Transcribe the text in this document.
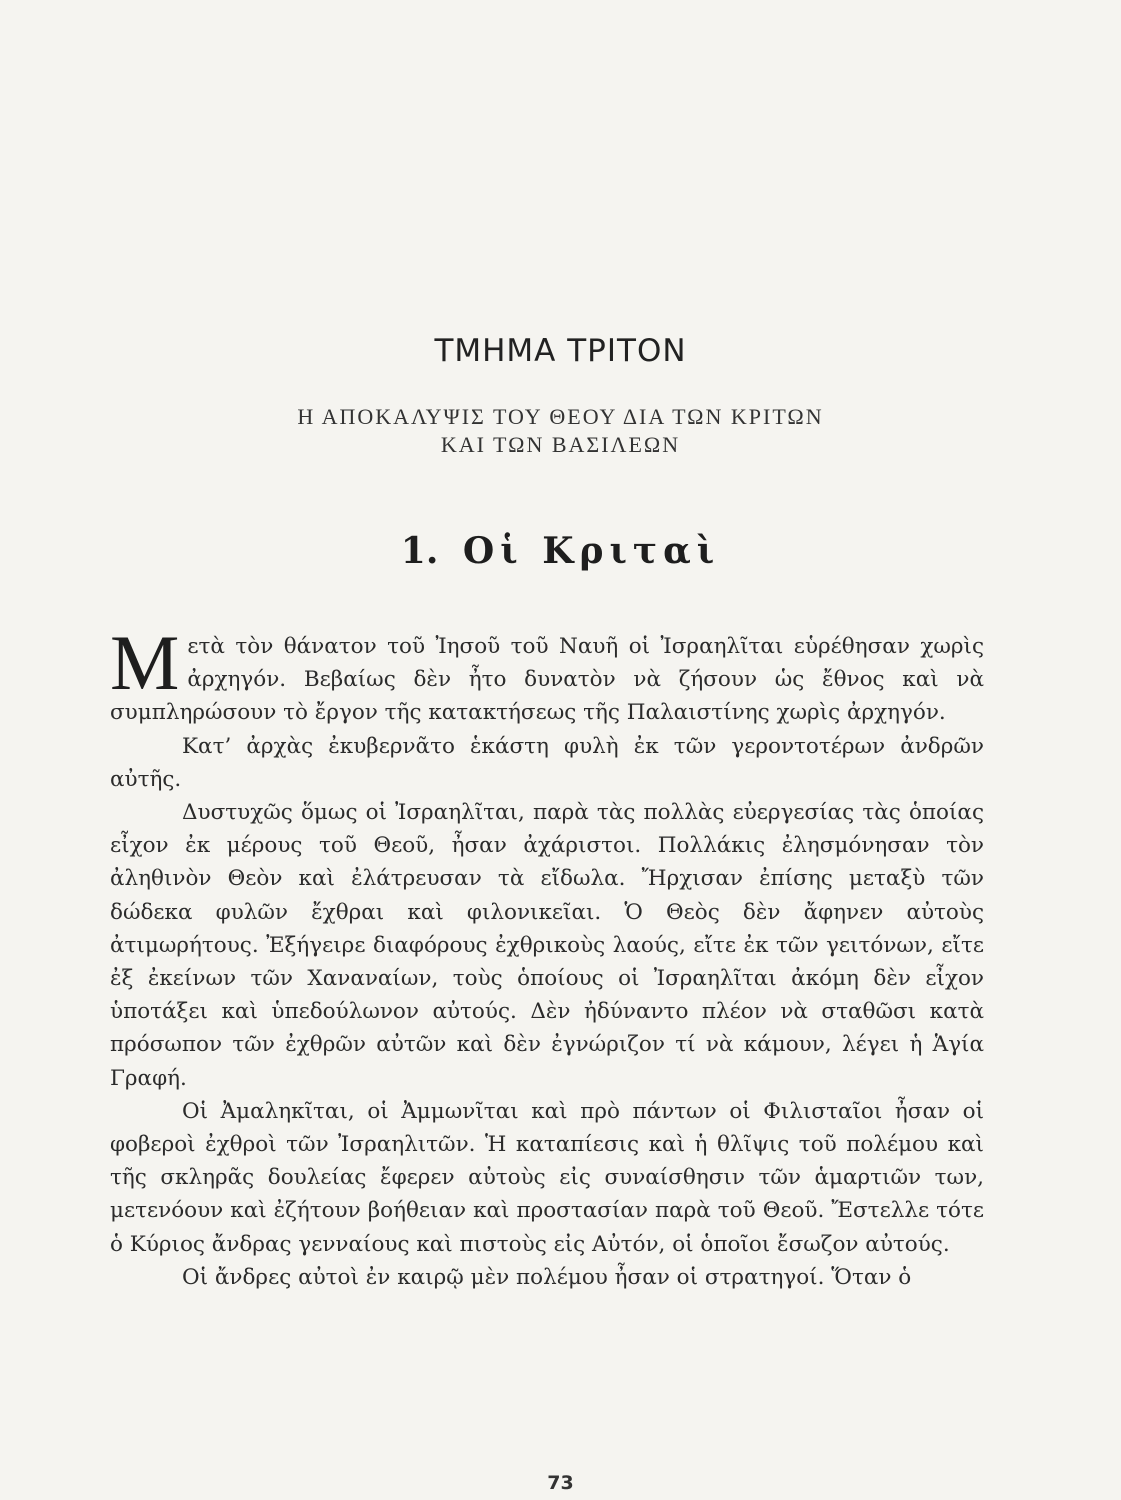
ΤΜΗΜΑ ΤΡΙΤΟΝ
Η ΑΠΟΚΑΛΥΨΙΣ ΤΟΥ ΘΕΟΥ ΔΙΑ ΤΩΝ ΚΡΙΤΩΝ
ΚΑΙ ΤΩΝ ΒΑΣΙΛΕΩΝ
1. Οἱ Κριταὶ

Μετὰ τὸν θάνατον τοῦ Ἰησοῦ τοῦ Ναυῆ οἱ Ἰσραηλῖται εὑρέθησαν χωρὶς ἀρχηγόν. Βεβαίως δὲν ἦτο δυνατὸν νὰ ζήσουν ὡς ἔθνος καὶ νὰ συμπληρώσουν τὸ ἔργον τῆς κατακτήσεως τῆς Παλαιστίνης χωρὶς ἀρχηγόν.

Κατ’ ἀρχὰς ἐκυβερνᾶτο ἑκάστη φυλὴ ἐκ τῶν γεροντοτέρων ἀνδρῶν αὐτῆς.

Δυστυχῶς ὅμως οἱ Ἰσραηλῖται, παρὰ τὰς πολλὰς εὐεργεσίας τὰς ὁποίας εἶχον ἐκ μέρους τοῦ Θεοῦ, ἦσαν ἀχάριστοι. Πολλάκις ἐλησμόνησαν τὸν ἀληθινὸν Θεὸν καὶ ἐλάτρευσαν τὰ εἴδωλα. Ἤρχισαν ἐπίσης μεταξὺ τῶν δώδεκα φυλῶν ἔχθραι καὶ φιλονικεῖαι. Ὁ Θεὸς δὲν ἄφηνεν αὐτοὺς ἀτιμωρήτους. Ἐξήγειρε διαφόρους ἐχθρικοὺς λαούς, εἴτε ἐκ τῶν γειτόνων, εἴτε ἐξ ἐκείνων τῶν Χαναναίων, τοὺς ὁποίους οἱ Ἰσραηλῖται ἀκόμη δὲν εἶχον ὑποτάξει καὶ ὑπεδούλωνον αὐτούς. Δὲν ἠδύναντο πλέον νὰ σταθῶσι κατὰ πρόσωπον τῶν ἐχθρῶν αὐτῶν καὶ δὲν ἐγνώριζον τί νὰ κάμουν, λέγει ἡ Ἁγία Γραφή.

Οἱ Ἀμαληκῖται, οἱ Ἀμμωνῖται καὶ πρὸ πάντων οἱ Φιλισταῖοι ἦσαν οἱ φοβεροὶ ἐχθροὶ τῶν Ἰσραηλιτῶν. Ἡ καταπίεσις καὶ ἡ θλῖψις τοῦ πολέμου καὶ τῆς σκληρᾶς δουλείας ἔφερεν αὐτοὺς εἰς συναίσθησιν τῶν ἁμαρτιῶν των, μετενόουν καὶ ἐζήτουν βοήθειαν καὶ προστασίαν παρὰ τοῦ Θεοῦ. Ἔστελλε τότε ὁ Κύριος ἄνδρας γενναίους καὶ πιστοὺς εἰς Αὐτόν, οἱ ὁποῖοι ἔσωζον αὐτούς.

Οἱ ἄνδρες αὐτοὶ ἐν καιρῷ μὲν πολέμου ἦσαν οἱ στρατηγοί. Ὅταν ὁ

73
